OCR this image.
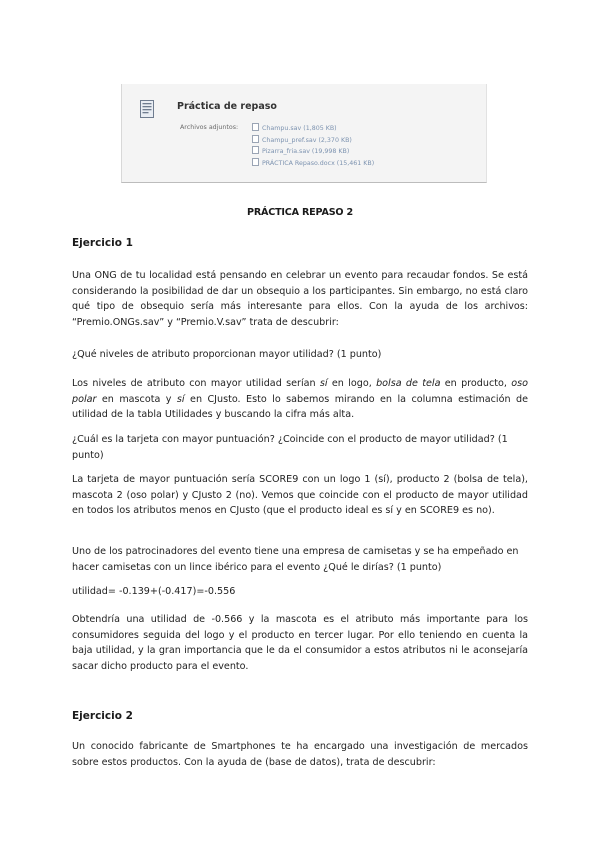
Práctica de repaso
Archivos adjuntos:	Champu.sav (1,805 KB)
Champu_pref.sav (2,370 KB)
Pizarra_fria.sav (19,998 KB)
PRÁCTICA Repaso.docx (15,461 KB)
PRÁCTICA REPASO 2
Ejercicio 1

Una ONG de tu localidad está pensando en celebrar un evento para recaudar fondos. Se está considerando la posibilidad de dar un obsequio a los participantes. Sin embargo, no está claro qué tipo de obsequio sería más interesante para ellos. Con la ayuda de los archivos: “Premio.ONGs.sav” y “Premio.V.sav” trata de descubrir:

¿Qué niveles de atributo proporcionan mayor utilidad? (1 punto)

Los niveles de atributo con mayor utilidad serían sí en logo, bolsa de tela en producto, oso polar en mascota y sí en CJusto. Esto lo sabemos mirando en la columna estimación de utilidad de la tabla Utilidades y buscando la cifra más alta.

¿Cuál es la tarjeta con mayor puntuación? ¿Coincide con el producto de mayor utilidad? (1 punto)

La tarjeta de mayor puntuación sería SCORE9 con un logo 1 (sí), producto 2 (bolsa de tela), mascota 2 (oso polar) y CJusto 2 (no). Vemos que coincide con el producto de mayor utilidad en todos los atributos menos en CJusto (que el producto ideal es sí y en SCORE9 es no).

Uno de los patrocinadores del evento tiene una empresa de camisetas y se ha empeñado en hacer camisetas con un lince ibérico para el evento ¿Qué le dirías? (1 punto)

utilidad= -0.139+(-0.417)=-0.556

Obtendría una utilidad de -0.566 y la mascota es el atributo más importante para los consumidores seguida del logo y el producto en tercer lugar. Por ello teniendo en cuenta la baja utilidad, y la gran importancia que le da el consumidor a estos atributos ni le aconsejaría sacar dicho producto para el evento.

Ejercicio 2

Un conocido fabricante de Smartphones te ha encargado una investigación de mercados sobre estos productos. Con la ayuda de (base de datos), trata de descubrir:
